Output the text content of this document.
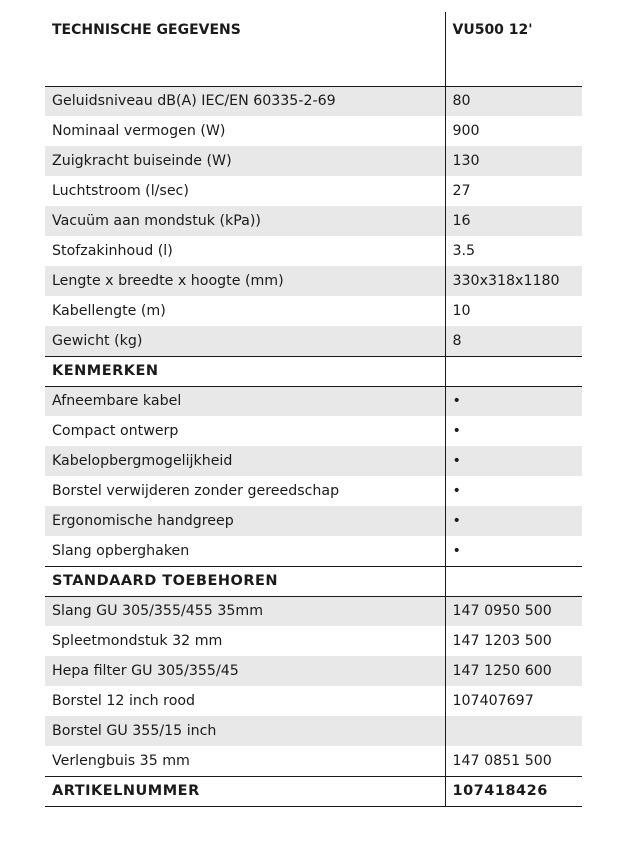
TECHNISCHE GEGEVENS	VU500 12'
Geluidsniveau dB(A) IEC/EN 60335-2-69	80
Nominaal vermogen (W)	900
Zuigkracht buiseinde (W)	130
Luchtstroom (l/sec)	27
Vacuüm aan mondstuk (kPa))	16
Stofzakinhoud (l)	3.5
Lengte x breedte x hoogte (mm)	330x318x1180
Kabellengte (m)	10
Gewicht (kg)	8
KENMERKEN	
Afneembare kabel	•
Compact ontwerp	•
Kabelopbergmogelijkheid	•
Borstel verwijderen zonder gereedschap	•
Ergonomische handgreep	•
Slang opberghaken	•
STANDAARD TOEBEHOREN	
Slang GU 305/355/455 35mm	147 0950 500
Spleetmondstuk 32 mm	147 1203 500
Hepa filter GU 305/355/45	147 1250 600
Borstel 12 inch rood	107407697
Borstel GU 355/15 inch	
Verlengbuis 35 mm	147 0851 500
ARTIKELNUMMER	107418426
